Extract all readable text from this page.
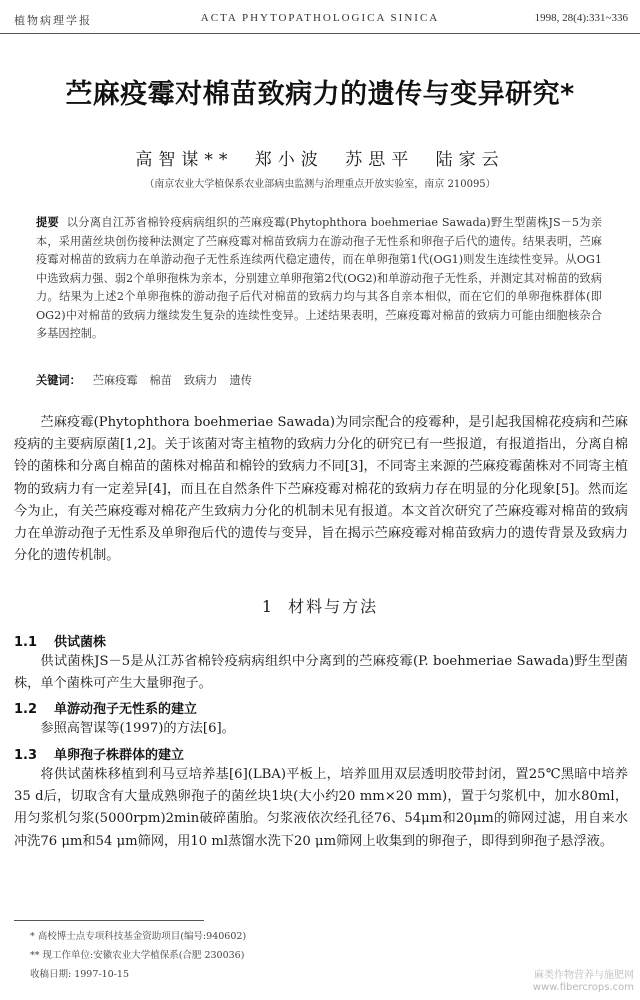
植物病理学报	ACTA PHYTOPATHOLOGICA SINICA	1998, 28(4):331~336
苎麻疫霉对棉苗致病力的遗传与变异研究*
高智谋** 郑小波 苏思平 陆家云
（南京农业大学植保系农业部病虫监测与治理重点开放实验室，南京 210095）
提要 以分离自江苏省棉铃疫病病组织的苎麻疫霉(Phytophthora boehmeriae Sawada)野生型菌株JS－5为亲本，采用菌丝块创伤接种法测定了苎麻疫霉对棉苗致病力在游动孢子无性系和卵孢子后代的遗传。结果表明，苎麻疫霉对棉苗的致病力在单游动孢子无性系连续两代稳定遗传，而在单卵孢第1代(OG1)则发生连续性变异。从OG1中选致病力强、弱2个单卵孢株为亲本，分别建立单卵孢第2代(OG2)和单游动孢子无性系，并测定其对棉苗的致病力。结果为上述2个单卵孢株的游动孢子后代对棉苗的致病力均与其各自亲本相似，而在它们的单卵孢株群体(即OG2)中对棉苗的致病力继续发生复杂的连续性变异。上述结果表明，苎麻疫霉对棉苗的致病力可能由细胞核杂合多基因控制。
关键词： 苎麻疫霉 棉苗 致病力 遗传
苎麻疫霉(Phytophthora boehmeriae Sawada)为同宗配合的疫霉种，是引起我国棉花疫病和苎麻疫病的主要病原菌[1,2]。关于该菌对寄主植物的致病力分化的研究已有一些报道，有报道指出，分离自棉铃的菌株和分离自棉苗的菌株对棉苗和棉铃的致病力不同[3]，不同寄主来源的苎麻疫霉菌株对不同寄主植物的致病力有一定差异[4]，而且在自然条件下苎麻疫霉对棉花的致病力存在明显的分化现象[5]。然而迄今为止，有关苎麻疫霉对棉花产生致病力分化的机制未见有报道。本文首次研究了苎麻疫霉对棉苗的致病力在单游动孢子无性系及单卵孢后代的遗传与变异，旨在揭示苎麻疫霉对棉苗致病力的遗传背景及致病力分化的遗传机制。
1 材料与方法
1.1 供试菌株
供试菌株JS－5是从江苏省棉铃疫病病组织中分离到的苎麻疫霉(P. boehmeriae Sawada)野生型菌株，单个菌株可产生大量卵孢子。
1.2 单游动孢子无性系的建立
参照高智谋等(1997)的方法[6]。
1.3 单卵孢子株群体的建立
将供试菌株移植到利马豆培养基[6](LBA)平板上，培养皿用双层透明胶带封闭，置25℃黑暗中培养35 d后，切取含有大量成熟卵孢子的菌丝块1块(大小约20 mm×20 mm)，置于匀浆机中，加水80ml，用匀浆机匀浆(5000rpm)2min破碎菌胎。匀浆液依次经孔径76、54μm和20μm的筛网过滤，用自来水冲洗76 μm和54 μm筛网，用10 ml蒸馏水洗下20 μm筛网上收集到的卵孢子，即得到卵孢子悬浮液。
* 高校博士点专项科技基金资助项目(编号:940602)
** 现工作单位:安徽农业大学植保系(合肥 230036)
收稿日期: 1997-10-15	麻类作物营养与施肥网
www.fibercrops.com
